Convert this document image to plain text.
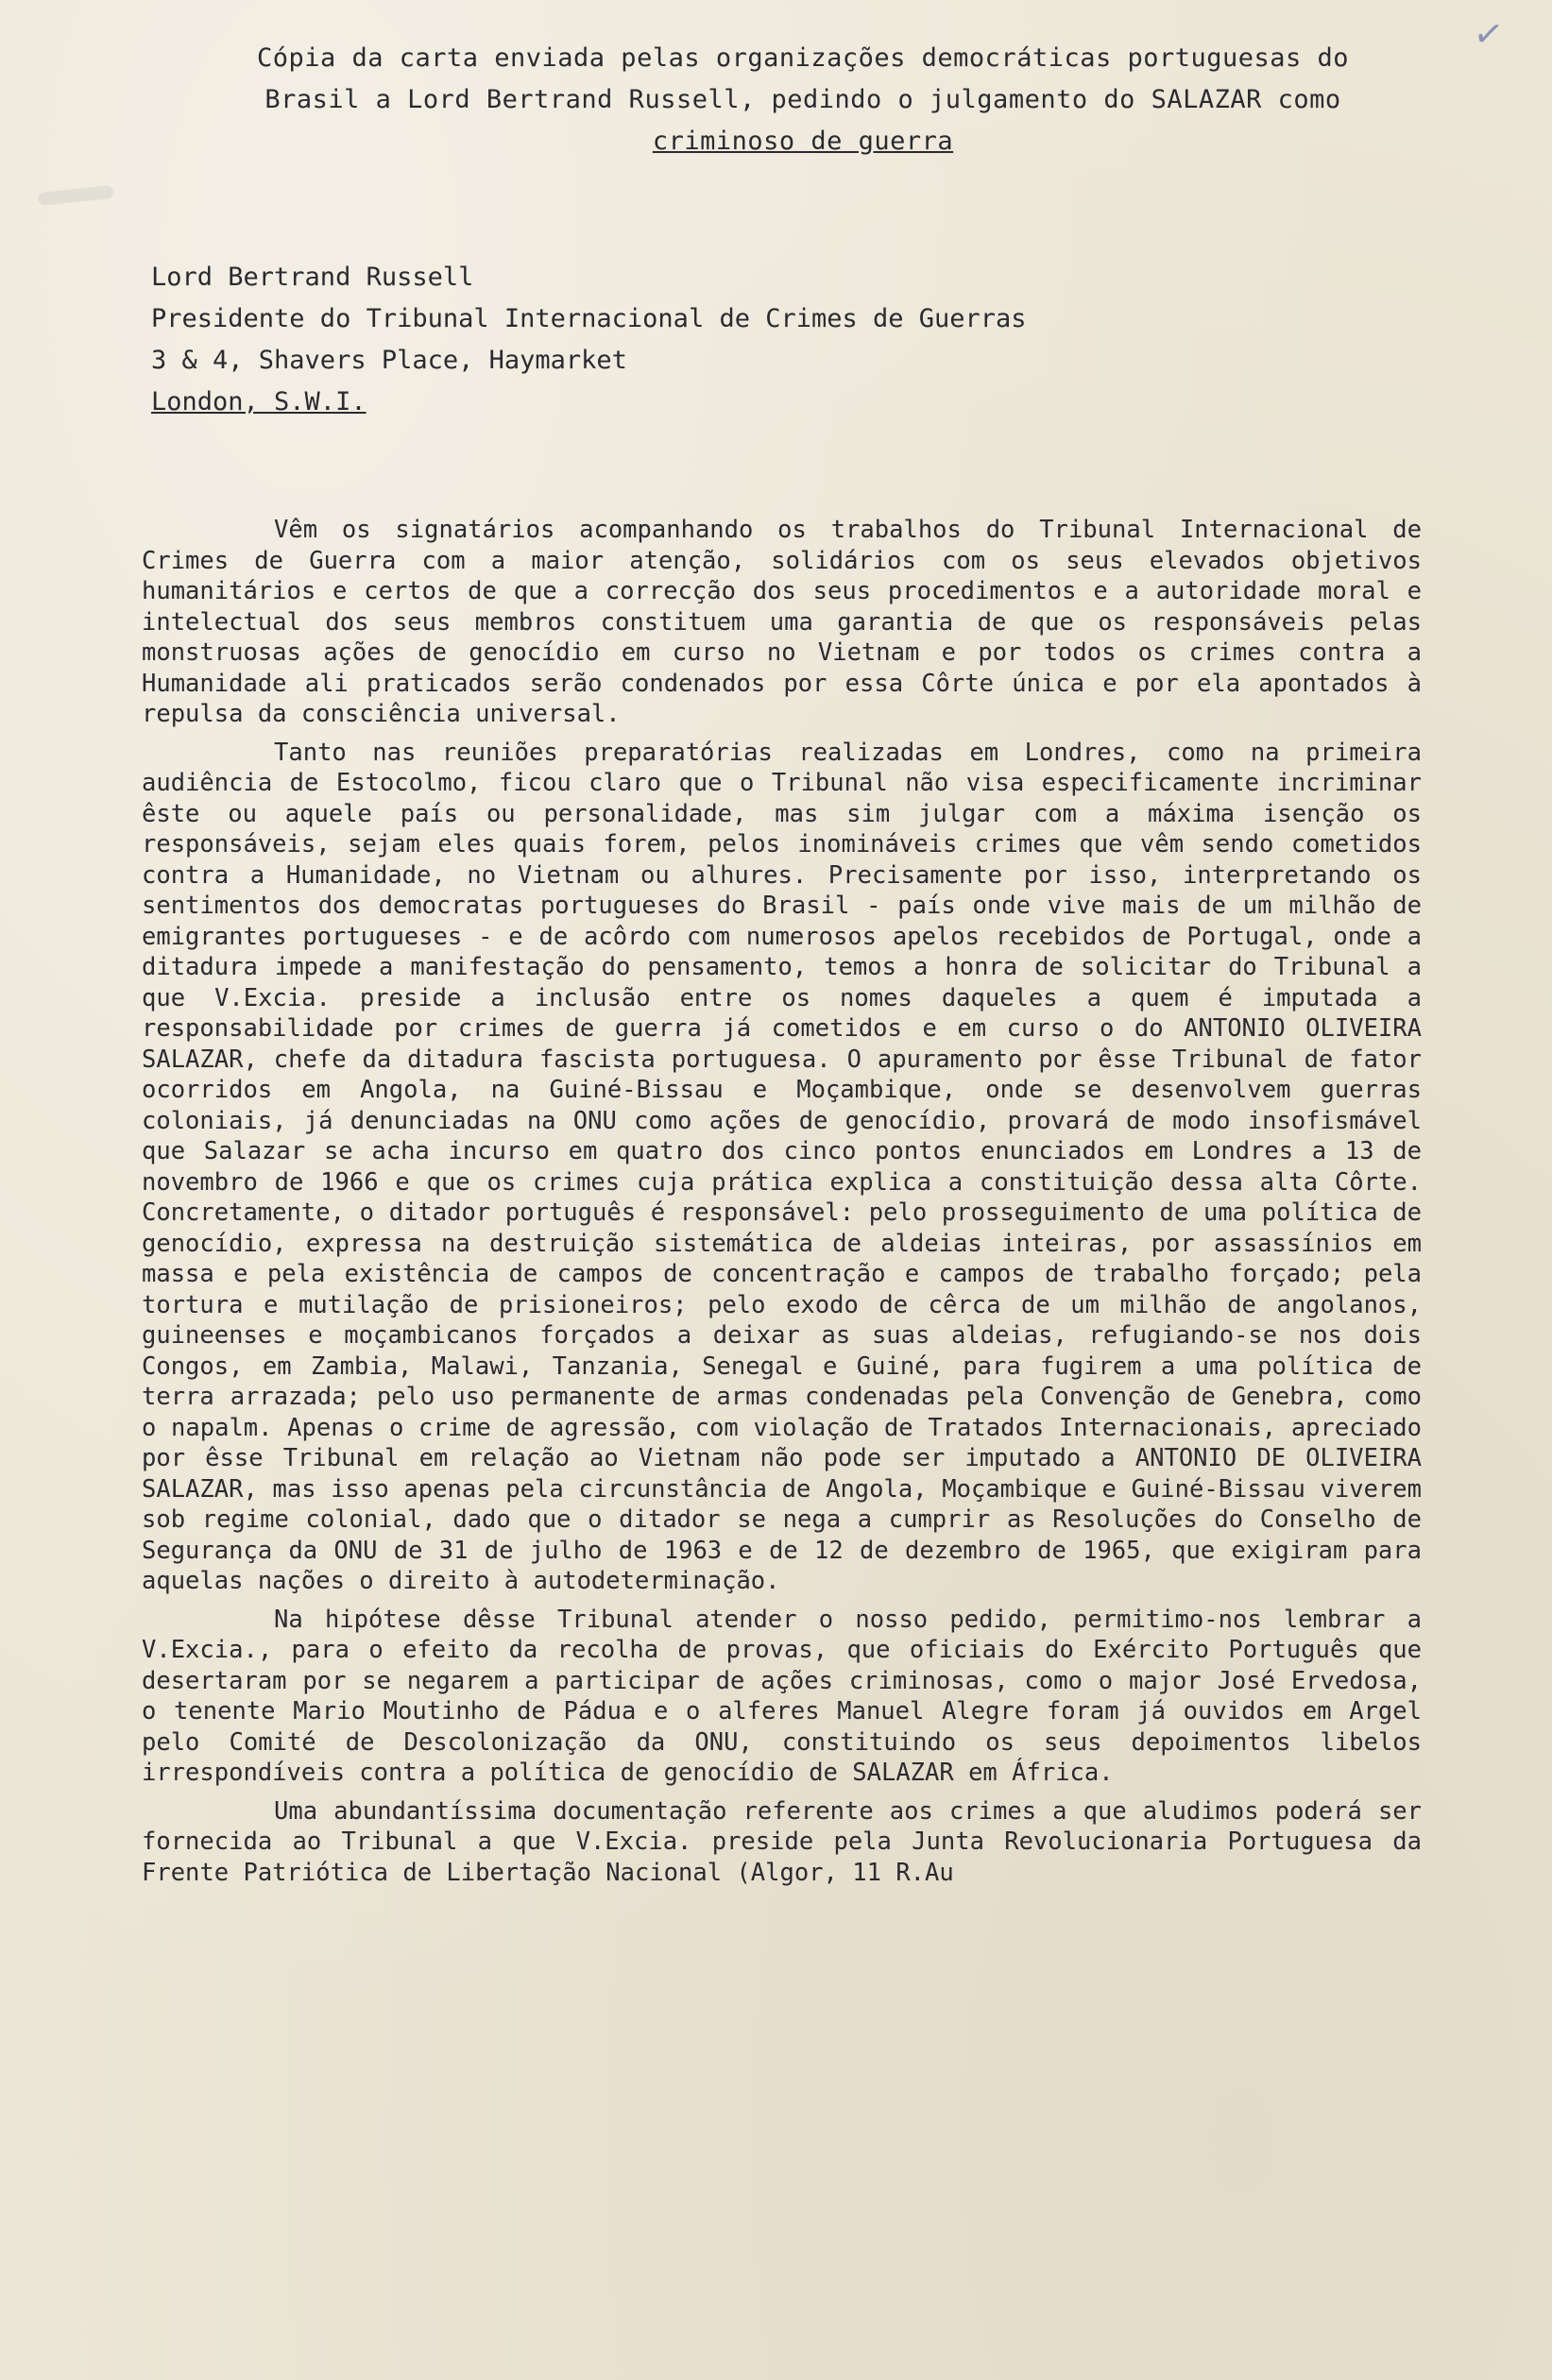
✓
Cópia da carta enviada pelas organizações democráticas portuguesas do
Brasil a Lord Bertrand Russell, pedindo o julgamento do SALAZAR como
criminoso de guerra
Lord Bertrand Russell
Presidente do Tribunal Internacional de Crimes de Guerras
3 & 4, Shavers Place, Haymarket
London, S.W.I.

Vêm os signatários acompanhando os trabalhos do Tribunal Internacional de Crimes de Guerra com a maior atenção, solidários com os seus elevados objetivos humanitários e certos de que a correcção dos seus procedimentos e a autoridade moral e intelectual dos seus membros constituem uma garantia de que os responsáveis pelas monstruosas ações de genocídio em curso no Vietnam e por todos os crimes contra a Humanidade ali praticados serão condenados por essa Côrte única e por ela apontados à repulsa da consciência universal.

Tanto nas reuniões preparatórias realizadas em Londres, como na primeira audiência de Estocolmo, ficou claro que o Tribunal não visa especificamente incriminar êste ou aquele país ou personalidade, mas sim julgar com a máxima isenção os responsáveis, sejam eles quais forem, pelos inomináveis crimes que vêm sendo cometidos contra a Humanidade, no Vietnam ou alhures. Precisamente por isso, interpretando os sentimentos dos democratas portugueses do Brasil - país onde vive mais de um milhão de emigrantes portugueses - e de acôrdo com numerosos apelos recebidos de Portugal, onde a ditadura impede a manifestação do pensamento, temos a honra de solicitar do Tribunal a que V.Excia. preside a inclusão entre os nomes daqueles a quem é imputada a responsabilidade por crimes de guerra já cometidos e em curso o do ANTONIO OLIVEIRA SALAZAR, chefe da ditadura fascista portuguesa. O apuramento por êsse Tribunal de fator ocorridos em Angola, na Guiné-Bissau e Moçambique, onde se desenvolvem guerras coloniais, já denunciadas na ONU como ações de genocídio, provará de modo insofismável que Salazar se acha incurso em quatro dos cinco pontos enunciados em Londres a 13 de novembro de 1966 e que os crimes cuja prática explica a constituição dessa alta Côrte. Concretamente, o ditador português é responsável: pelo prosseguimento de uma política de genocídio, expressa na destruição sistemática de aldeias inteiras, por assassínios em massa e pela existência de campos de concentração e campos de trabalho forçado; pela tortura e mutilação de prisioneiros; pelo exodo de cêrca de um milhão de angolanos, guineenses e moçambicanos forçados a deixar as suas aldeias, refugiando-se nos dois Congos, em Zambia, Malawi, Tanzania, Senegal e Guiné, para fugirem a uma política de terra arrazada; pelo uso permanente de armas condenadas pela Convenção de Genebra, como o napalm. Apenas o crime de agressão, com violação de Tratados Internacionais, apreciado por êsse Tribunal em relação ao Vietnam não pode ser imputado a ANTONIO DE OLIVEIRA SALAZAR, mas isso apenas pela circunstância de Angola, Moçambique e Guiné-Bissau viverem sob regime colonial, dado que o ditador se nega a cumprir as Resoluções do Conselho de Segurança da ONU de 31 de julho de 1963 e de 12 de dezembro de 1965, que exigiram para aquelas nações o direito à autodeterminação.

Na hipótese dêsse Tribunal atender o nosso pedido, permitimo-nos lembrar a V.Excia., para o efeito da recolha de provas, que oficiais do Exército Português que desertaram por se negarem a participar de ações criminosas, como o major José Ervedosa, o tenente Mario Moutinho de Pádua e o alferes Manuel Alegre foram já ouvidos em Argel pelo Comité de Descolonização da ONU, constituindo os seus depoimentos libelos irrespondíveis contra a política de genocídio de SALAZAR em África.

Uma abundantíssima documentação referente aos crimes a que aludimos poderá ser fornecida ao Tribunal a que V.Excia. preside pela Junta Revolucionaria Portuguesa da Frente Patriótica de Libertação Nacional (Algor, 11 R.Au
